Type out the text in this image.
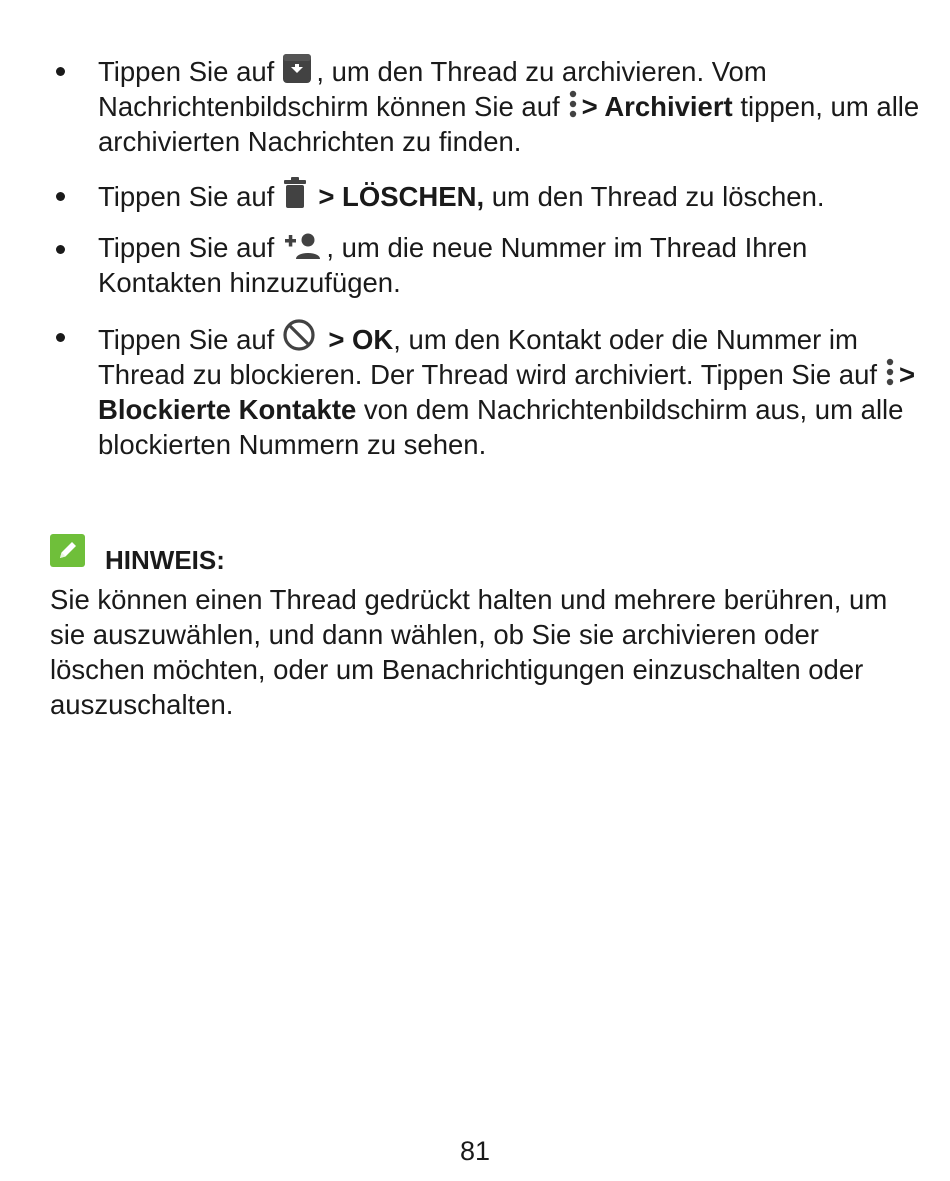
Tippen Sie auf , um den Thread zu archivieren. Vom Nachrichtenbildschirm können Sie auf > Archiviert tippen, um alle archivierten Nachrichten zu finden.
Tippen Sie auf > LÖSCHEN, um den Thread zu löschen.
Tippen Sie auf , um die neue Nummer im Thread Ihren Kontakten hinzuzufügen.
Tippen Sie auf > OK, um den Kontakt oder die Nummer im Thread zu blockieren. Der Thread wird archiviert. Tippen Sie auf > Blockierte Kontakte von dem Nachrichtenbildschirm aus, um alle blockierten Nummern zu sehen.
HINWEIS:

Sie können einen Thread gedrückt halten und mehrere berühren, um sie auszuwählen, und dann wählen, ob Sie sie archivieren oder löschen möchten, oder um Benachrichtigungen einzuschalten oder auszuschalten.

81
